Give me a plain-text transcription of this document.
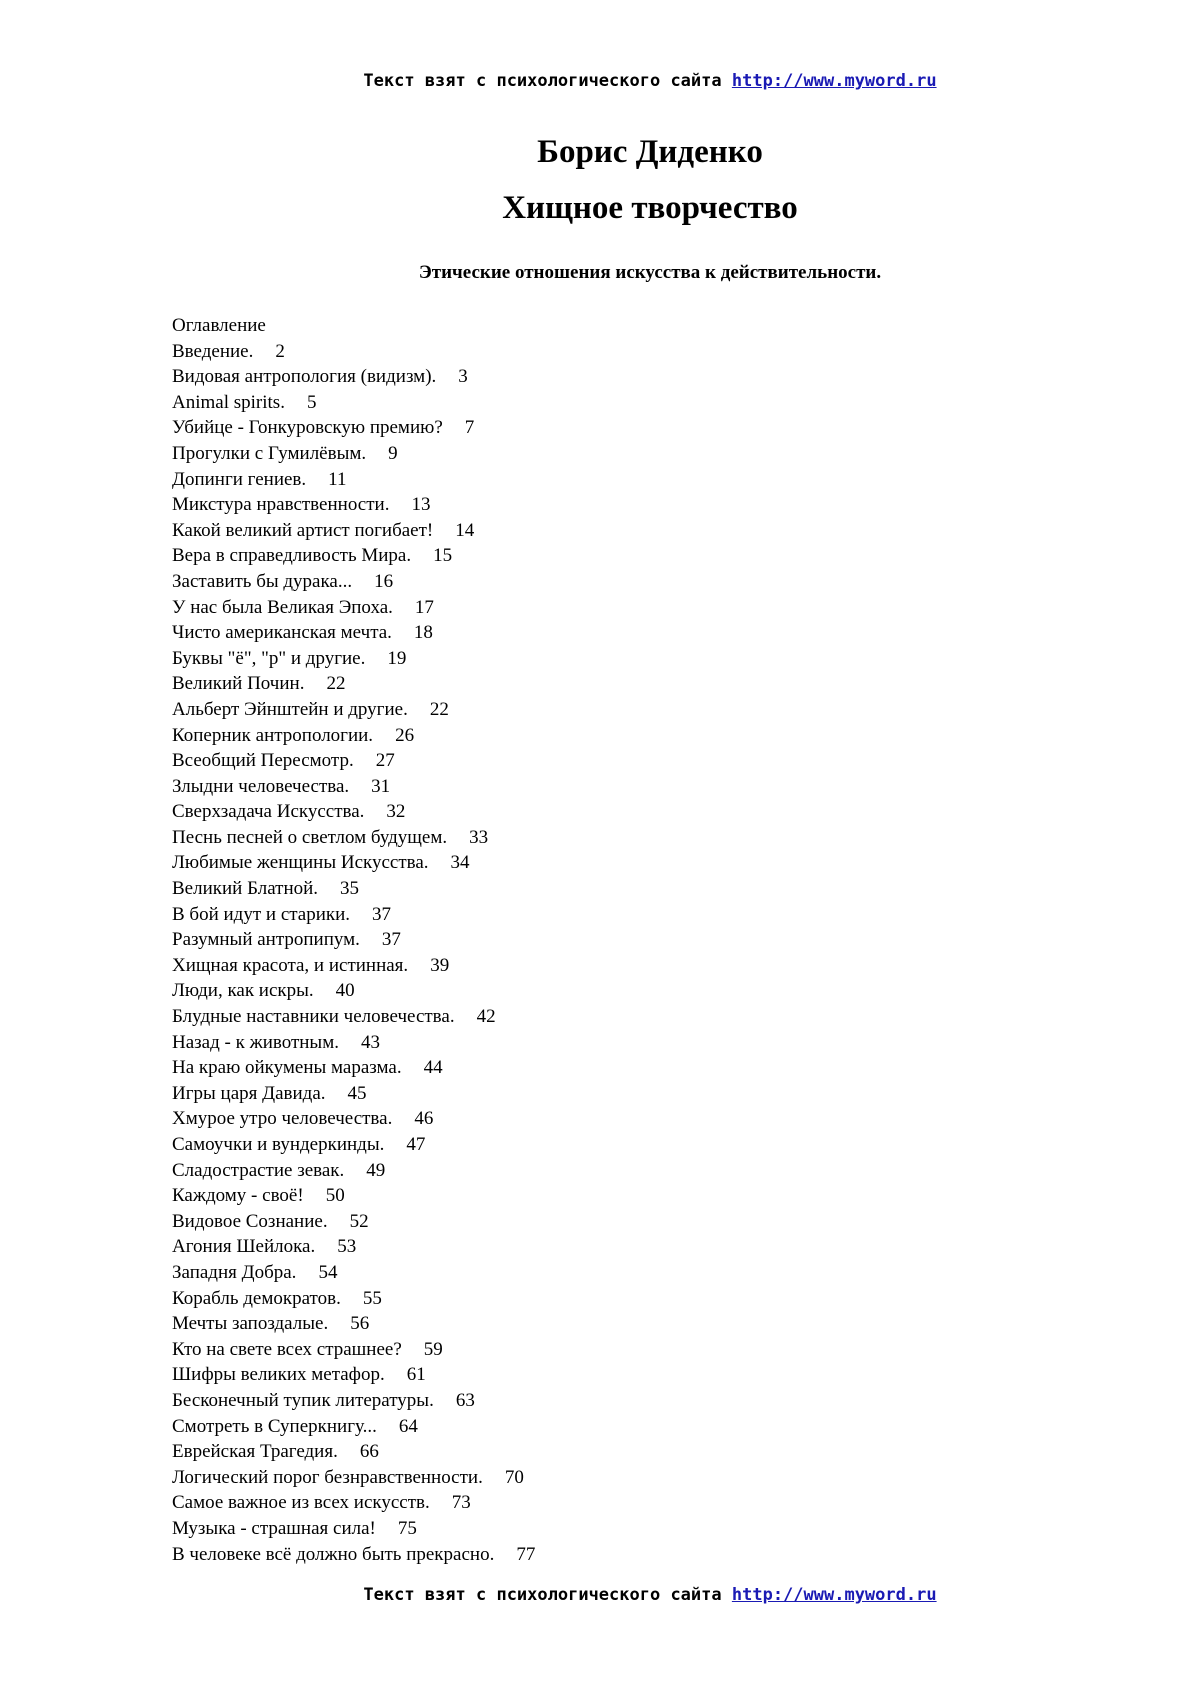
Текст взят с психологического сайта http://www.myword.ru
Борис Диденко
Хищное творчество
Этические отношения искусства к действительности.
Оглавление
Введение. 2
Видовая антропология (видизм). 3
Animal spirits. 5
Убийце - Гонкуровскую премию? 7
Прогулки с Гумилёвым. 9
Допинги гениев. 11
Микстура нравственности. 13
Какой великий артист погибает! 14
Вера в справедливость Мира. 15
Заставить бы дурака... 16
У нас была Великая Эпоха. 17
Чисто американская мечта. 18
Буквы "ё", "р" и другие. 19
Великий Почин. 22
Альберт Эйнштейн и другие. 22
Коперник антропологии. 26
Всеобщий Пересмотр. 27
Злыдни человечества. 31
Сверхзадача Искусства. 32
Песнь песней о светлом будущем. 33
Любимые женщины Искусства. 34
Великий Блатной. 35
В бой идут и старики. 37
Разумный антропипум. 37
Хищная красота, и истинная. 39
Люди, как искры. 40
Блудные наставники человечества. 42
Назад - к животным. 43
На краю ойкумены маразма. 44
Игры царя Давида. 45
Хмурое утро человечества. 46
Самоучки и вундеркинды. 47
Сладострастие зевак. 49
Каждому - своё! 50
Видовое Сознание. 52
Агония Шейлока. 53
Западня Добра. 54
Корабль демократов. 55
Мечты запоздалые. 56
Кто на свете всех страшнее? 59
Шифры великих метафор. 61
Бесконечный тупик литературы. 63
Смотреть в Суперкнигу... 64
Еврейская Трагедия. 66
Логический порог безнравственности. 70
Самое важное из всех искусств. 73
Музыка - страшная сила! 75
В человеке всё должно быть прекрасно. 77
Текст взят с психологического сайта http://www.myword.ru
